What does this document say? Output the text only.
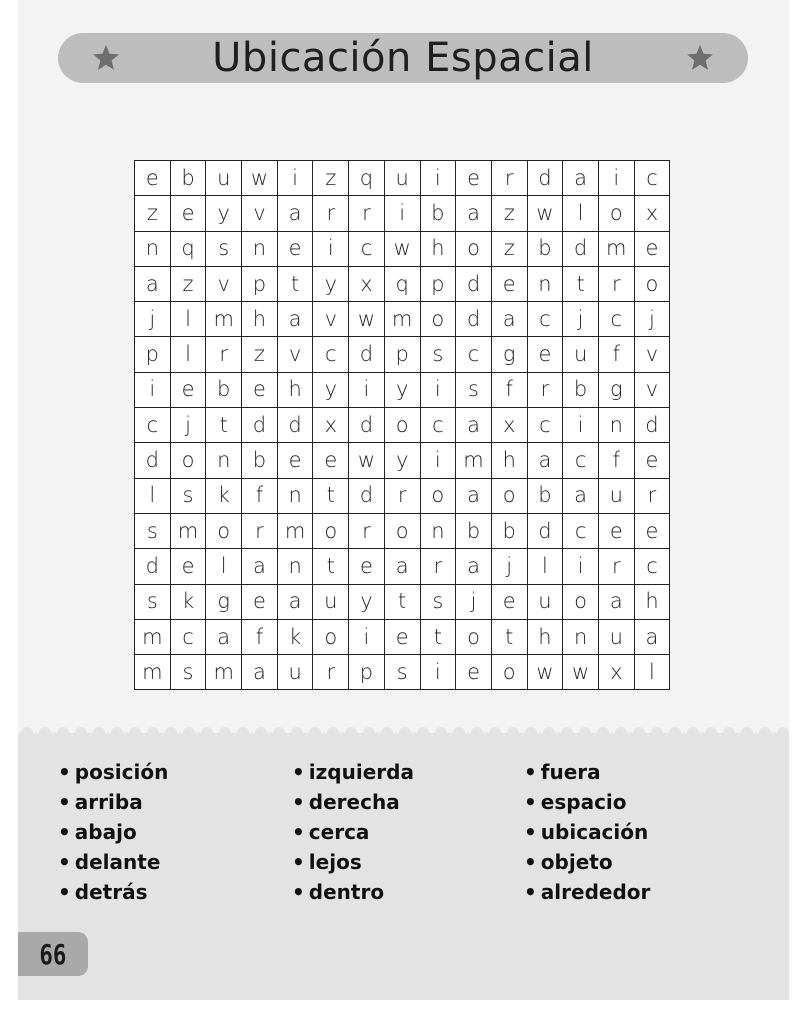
Ubicación Espacial
e	b	u	w	i	z	q	u	i	e	r	d	a	i	c
z	e	y	v	a	r	r	i	b	a	z	w	l	o	x
n	q	s	n	e	i	c	w	h	o	z	b	d	m	e
a	z	v	p	t	y	x	q	p	d	e	n	t	r	o
j	l	m	h	a	v	w	m	o	d	a	c	j	c	j
p	l	r	z	v	c	d	p	s	c	g	e	u	f	v
i	e	b	e	h	y	i	y	i	s	f	r	b	g	v
c	j	t	d	d	x	d	o	c	a	x	c	i	n	d
d	o	n	b	e	e	w	y	i	m	h	a	c	f	e
l	s	k	f	n	t	d	r	o	a	o	b	a	u	r
s	m	o	r	m	o	r	o	n	b	b	d	c	e	e
d	e	l	a	n	t	e	a	r	a	j	l	i	r	c
s	k	g	e	a	u	y	t	s	j	e	u	o	a	h
m	c	a	f	k	o	i	e	t	o	t	h	n	u	a
m	s	m	a	u	r	p	s	i	e	o	w	w	x	l
• posición
• arriba
• abajo
• delante
• detrás
• izquierda
• derecha
• cerca
• lejos
• dentro
• fuera
• espacio
• ubicación
• objeto
• alrededor
66
